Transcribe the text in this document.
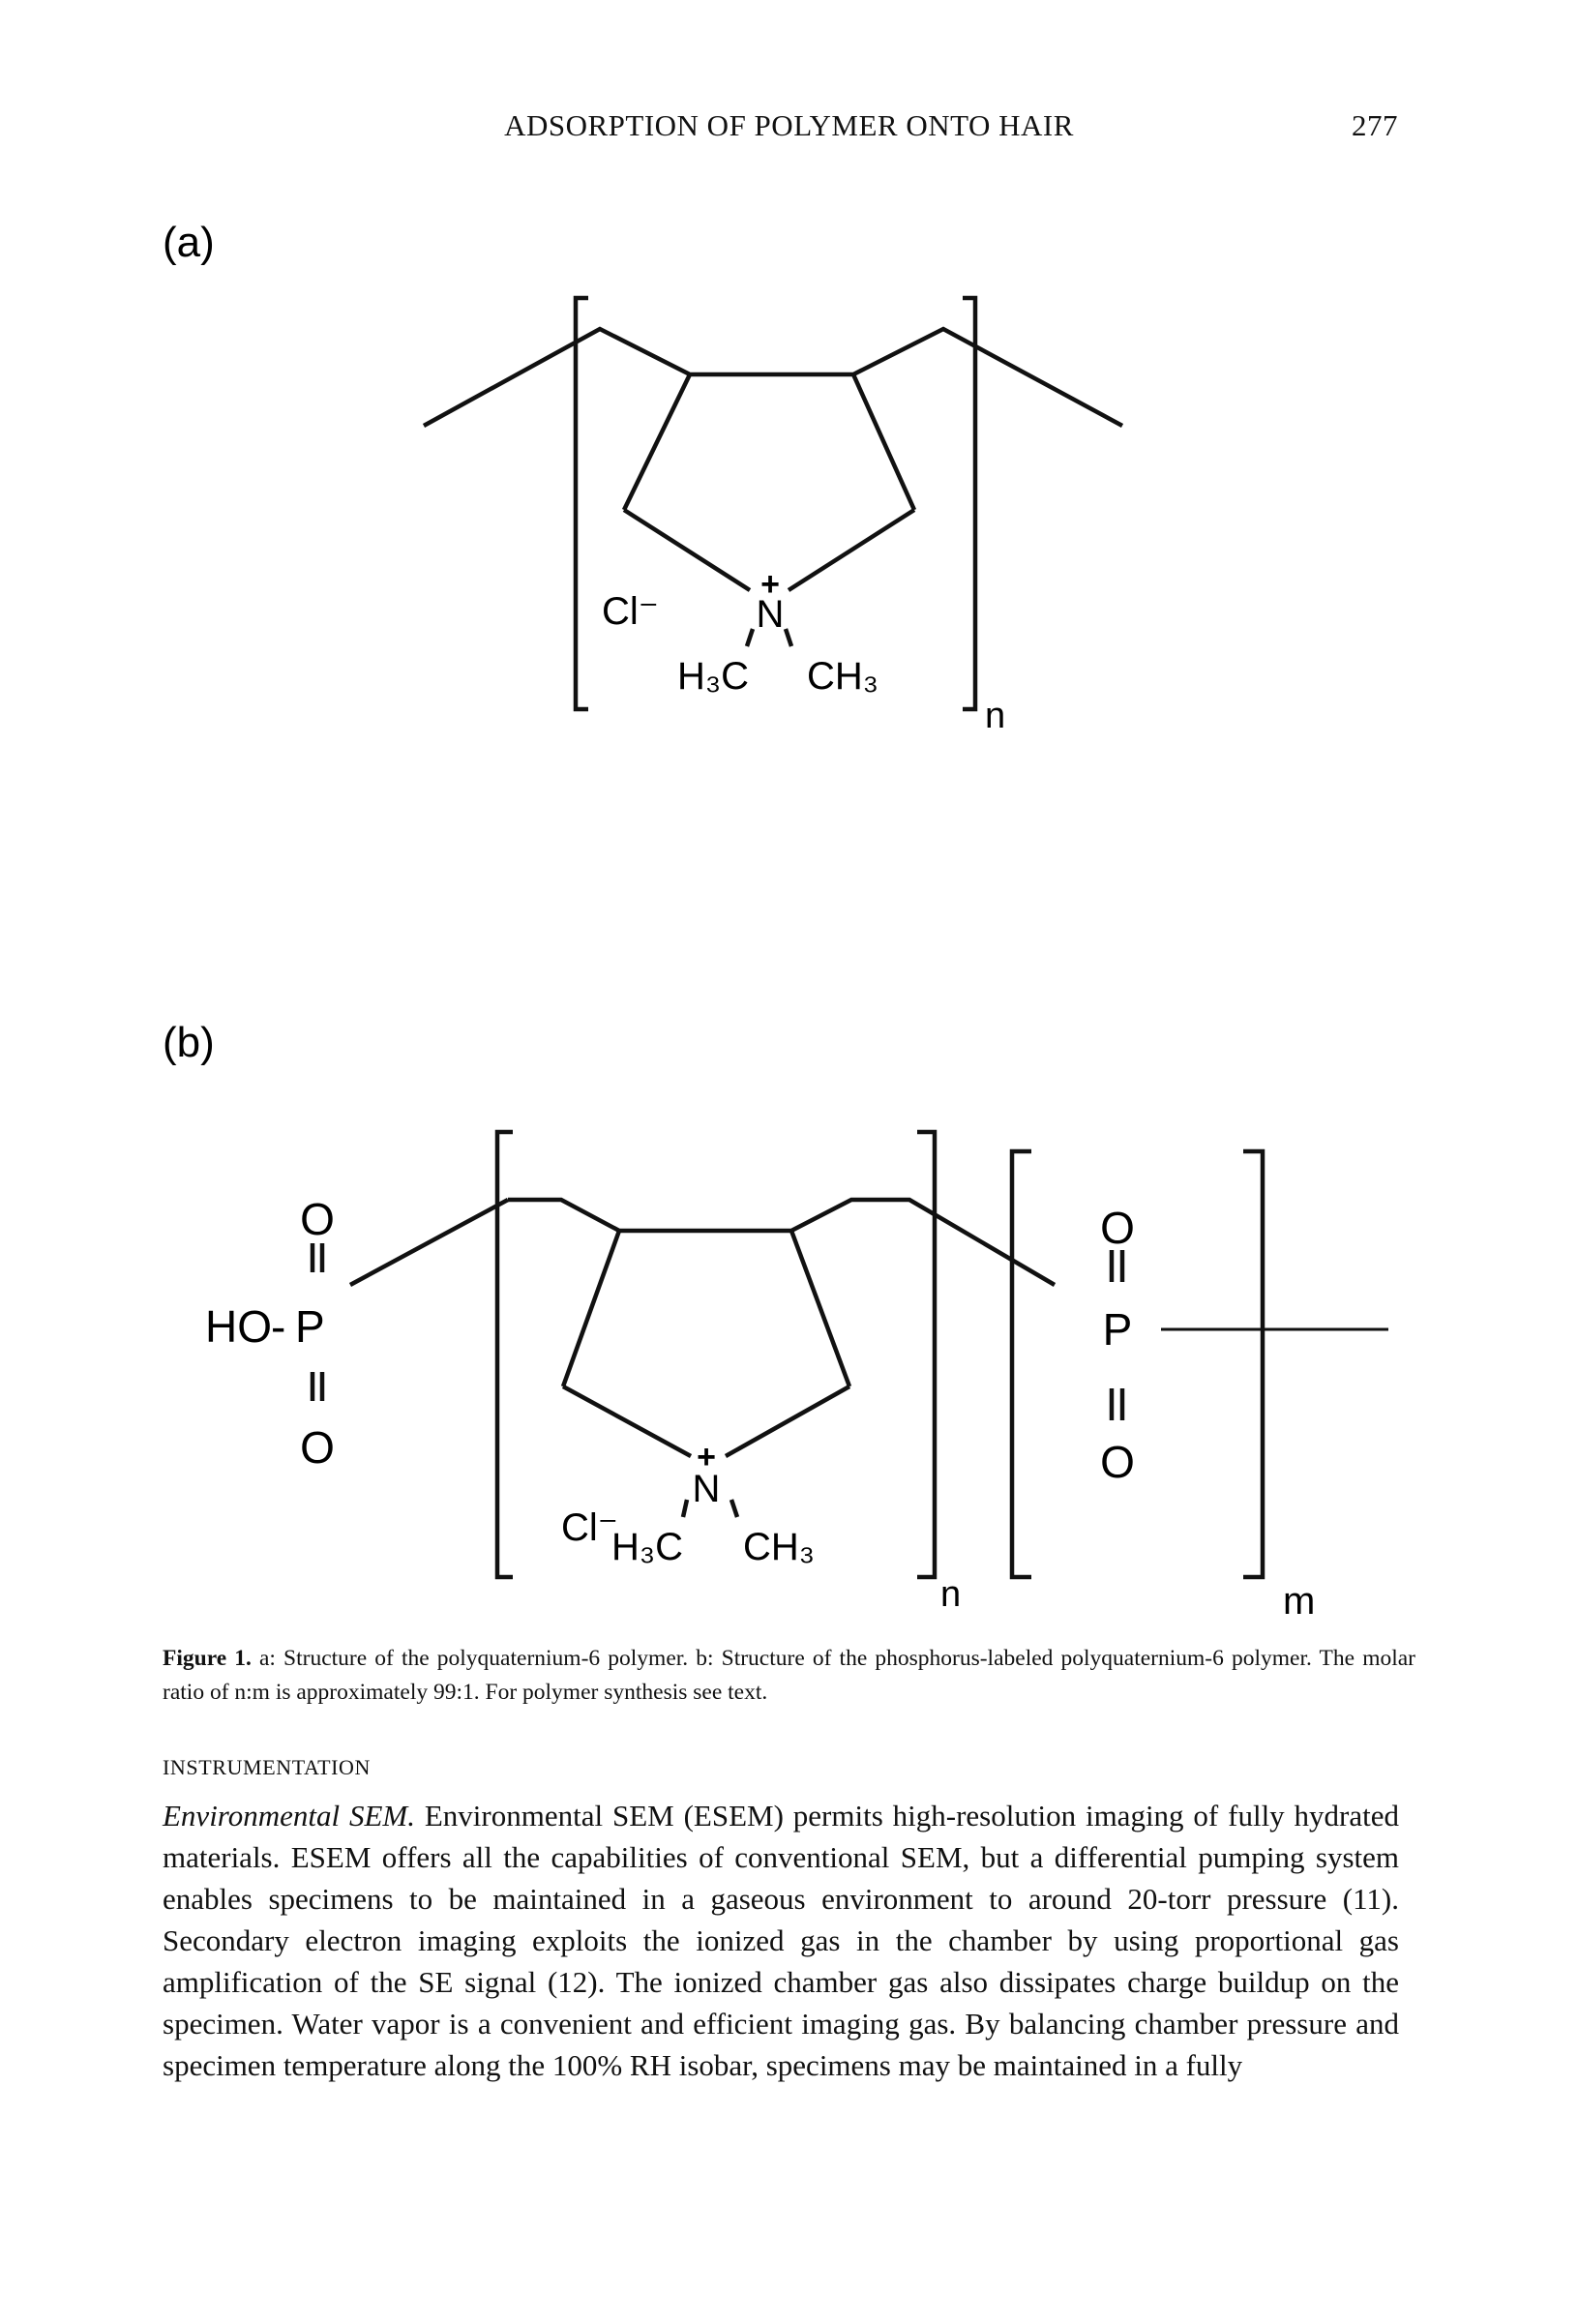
ADSORPTION OF POLYMER ONTO HAIR	277
(a)
Cl⁻
+
N
H₃C CH₃
n
(b)
O
HO - P
O	+
N
Cl⁻
H₃C CH₃
n
O
P
O
m
Figure 1. a: Structure of the polyquaternium-6 polymer. b: Structure of the phosphorus-labeled polyquaternium-6 polymer. The molar ratio of n:m is approximately 99:1. For polymer synthesis see text.
INSTRUMENTATION
Environmental SEM. Environmental SEM (ESEM) permits high-resolution imaging of fully hydrated materials. ESEM offers all the capabilities of conventional SEM, but a differential pumping system enables specimens to be maintained in a gaseous environment to around 20-torr pressure (11). Secondary electron imaging exploits the ionized gas in the chamber by using proportional gas amplification of the SE signal (12). The ionized chamber gas also dissipates charge buildup on the specimen. Water vapor is a convenient and efficient imaging gas. By balancing chamber pressure and specimen temperature along the 100% RH isobar, specimens may be maintained in a fully
